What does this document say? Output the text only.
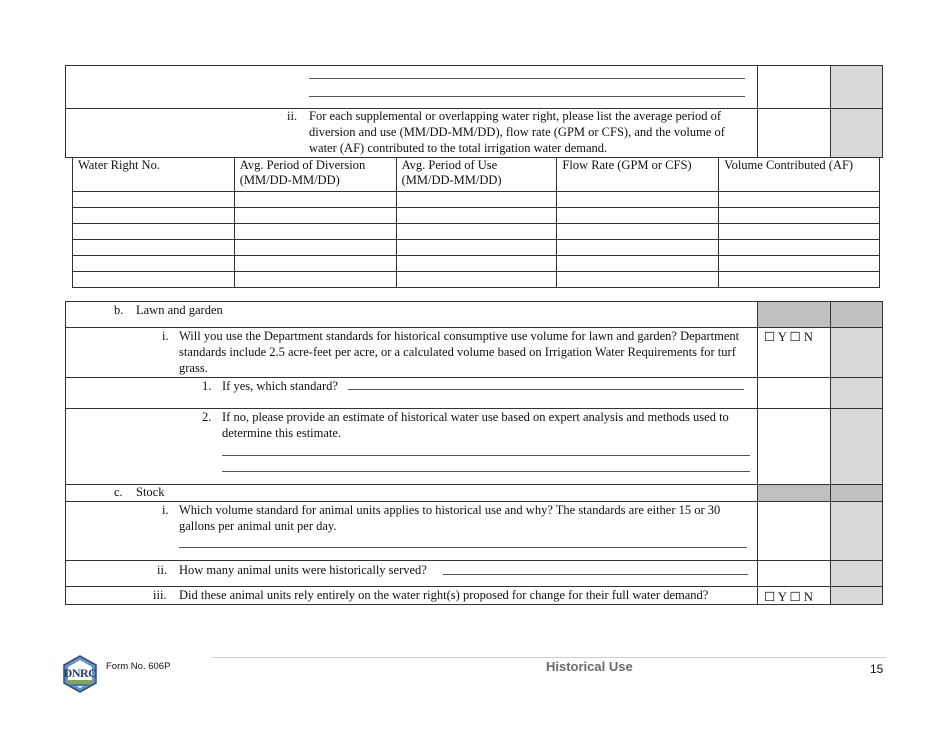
ii. For each supplemental or overlapping water right, please list the average period of diversion and use (MM/DD-MM/DD), flow rate (GPM or CFS), and the volume of water (AF) contributed to the total irrigation water demand.
Water Right No.	Avg. Period of Diversion (MM/DD-MM/DD)	Avg. Period of Use (MM/DD-MM/DD)	Flow Rate (GPM or CFS)	Volume Contributed (AF)

b. Lawn and garden
i. Will you use the Department standards for historical consumptive use volume for lawn and garden? Department standards include 2.5 acre-feet per acre, or a calculated volume based on Irrigation Water Requirements for turf grass.
☐ Y ☐ N
1. If yes, which standard?
2. If no, please provide an estimate of historical water use based on expert analysis and methods used to determine this estimate.
c. Stock
i. Which volume standard for animal units applies to historical use and why? The standards are either 15 or 30 gallons per animal unit per day.
ii. How many animal units were historically served?
iii. Did these animal units rely entirely on the water right(s) proposed for change for their full water demand?	☐ Y ☐ N
DNRC Form No. 606P	Historical Use	15
